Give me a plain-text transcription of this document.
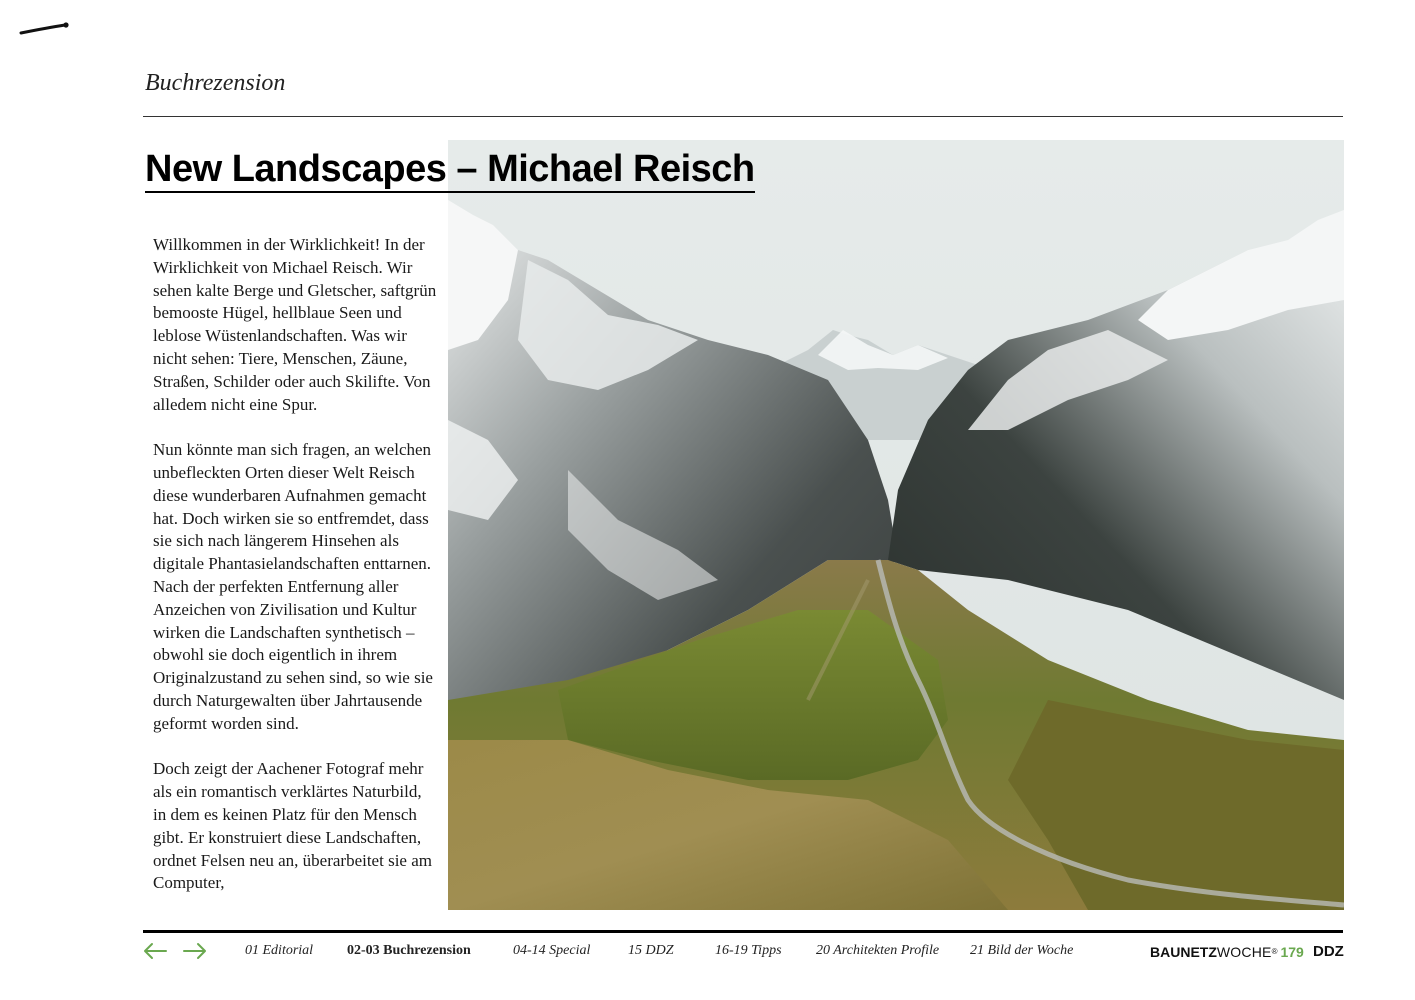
Buchrezension
New Landscapes – Michael Reisch

Willkommen in der Wirklichkeit! In der Wirklichkeit von Michael Reisch. Wir sehen kalte Berge und Gletscher, saftgrün bemooste Hügel, hellblaue Seen und leblose Wüstenlandschaften. Was wir nicht sehen: Tiere, Menschen, Zäune, Straßen, Schilder oder auch Skilifte. Von alledem nicht eine Spur.

Nun könnte man sich fragen, an welchen unbefleckten Orten dieser Welt Reisch diese wunderbaren Aufnahmen gemacht hat. Doch wirken sie so entfremdet, dass sie sich nach längerem Hinsehen als digitale Phantasielandschaften enttarnen. Nach der perfekten Entfernung aller Anzeichen von Zivilisation und Kultur wirken die Landschaften synthetisch – obwohl sie doch eigentlich in ihrem Originalzustand zu sehen sind, so wie sie durch Naturgewalten über Jahrtausende geformt worden sind.

Doch zeigt der Aachener Fotograf mehr als ein romantisch verklärtes Naturbild, in dem es keinen Platz für den Mensch gibt. Er konstruiert diese Landschaften, ordnet Felsen neu an, überarbeitet sie am Computer,

01 Editorial 02-03 Buchrezension	04-14 Special	15 DDZ	16-19 Tipps 20 Architekten Profile 21 Bild der Woche	BAUNETZWOCHE® 179 DDZ
